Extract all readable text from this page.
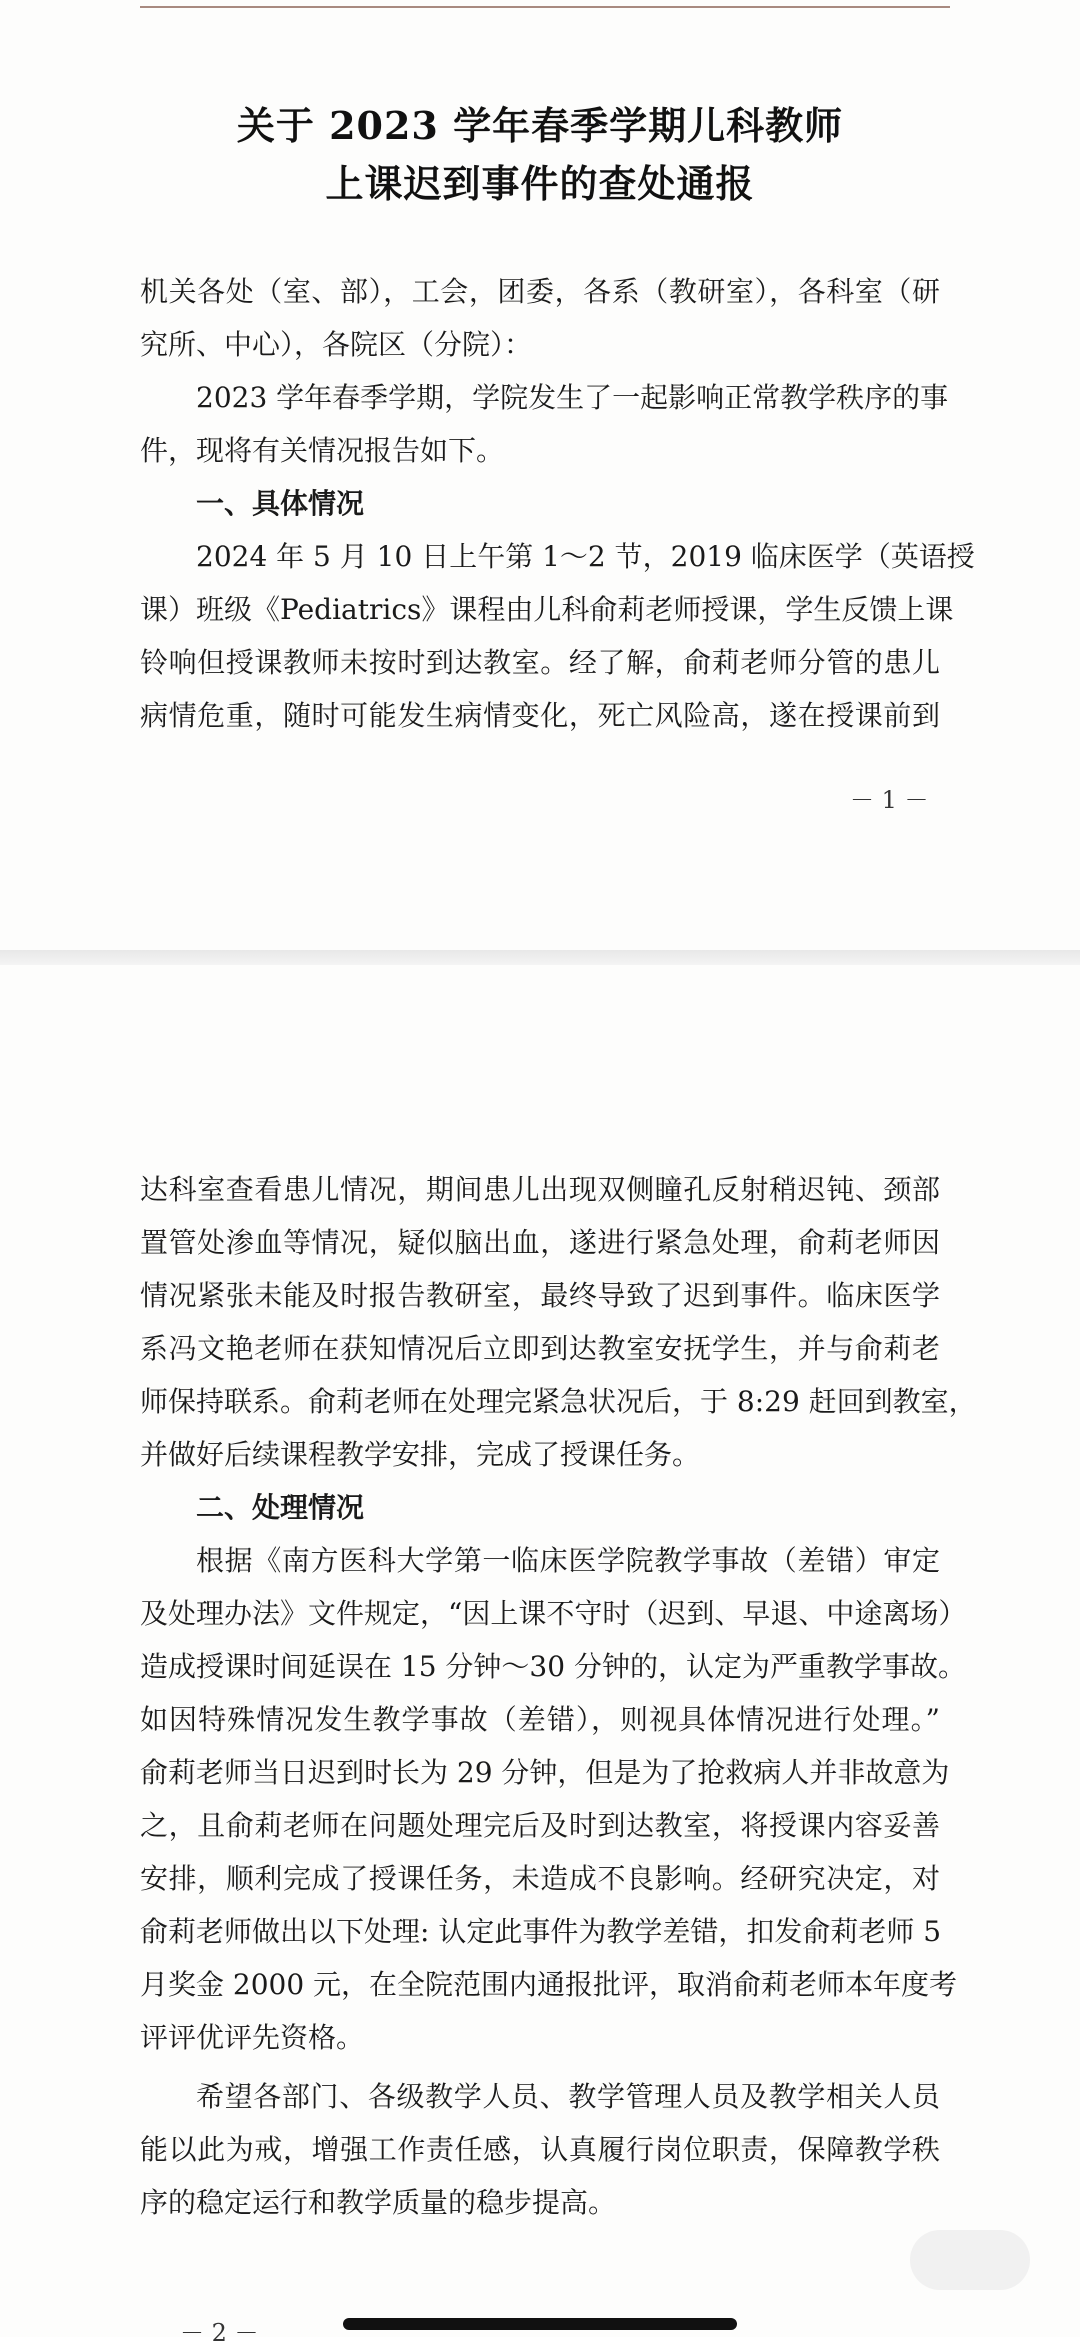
关于 2023 学年春季学期儿科教师
上课迟到事件的查处通报
机关各处（室、部），工会，团委，各系（教研室），各科室（研
究所、中心），各院区（分院）：
2023 学年春季学期，学院发生了一起影响正常教学秩序的事
件，现将有关情况报告如下。
一、具体情况
2024 年 5 月 10 日上午第 1～2 节，2019 临床医学（英语授
课）班级《Pediatrics》课程由儿科俞莉老师授课，学生反馈上课
铃响但授课教师未按时到达教室。经了解，俞莉老师分管的患儿
病情危重，随时可能发生病情变化，死亡风险高，遂在授课前到
－ 1 －
达科室查看患儿情况，期间患儿出现双侧瞳孔反射稍迟钝、颈部
置管处渗血等情况，疑似脑出血，遂进行紧急处理，俞莉老师因
情况紧张未能及时报告教研室，最终导致了迟到事件。临床医学
系冯文艳老师在获知情况后立即到达教室安抚学生，并与俞莉老
师保持联系。俞莉老师在处理完紧急状况后，于 8:29 赶回到教室，
并做好后续课程教学安排，完成了授课任务。
二、处理情况
根据《南方医科大学第一临床医学院教学事故（差错）审定
及处理办法》文件规定，“因上课不守时（迟到、早退、中途离场）
造成授课时间延误在 15 分钟～30 分钟的，认定为严重教学事故。
如因特殊情况发生教学事故（差错），则视具体情况进行处理。”
俞莉老师当日迟到时长为 29 分钟，但是为了抢救病人并非故意为
之，且俞莉老师在问题处理完后及时到达教室，将授课内容妥善
安排，顺利完成了授课任务，未造成不良影响。经研究决定，对
俞莉老师做出以下处理: 认定此事件为教学差错，扣发俞莉老师 5
月奖金 2000 元，在全院范围内通报批评，取消俞莉老师本年度考
评评优评先资格。
希望各部门、各级教学人员、教学管理人员及教学相关人员
能以此为戒，增强工作责任感，认真履行岗位职责，保障教学秩
序的稳定运行和教学质量的稳步提高。
－ 2 －
